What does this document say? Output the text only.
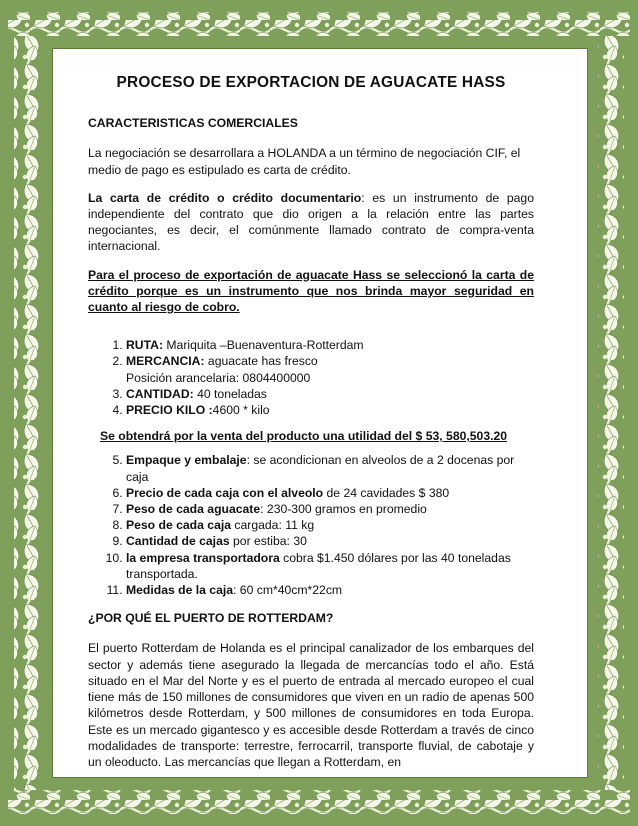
PROCESO DE EXPORTACION DE AGUACATE HASS
CARACTERISTICAS COMERCIALES

La negociación se desarrollara a HOLANDA a un término de negociación CIF, el medio de pago es estipulado es carta de crédito.

La carta de crédito o crédito documentario: es un instrumento de pago independiente del contrato que dio origen a la relación entre las partes negociantes, es decir, el comúnmente llamado contrato de compra-venta internacional.

Para el proceso de exportación de aguacate Hass se seleccionó la carta de crédito porque es un instrumento que nos brinda mayor seguridad en cuanto al riesgo de cobro.

1. RUTA: Mariquita –Buenaventura-Rotterdam
2. MERCANCIA: aguacate has fresco
Posición arancelaria: 0804400000
3. CANTIDAD: 40 toneladas
4. PRECIO KILO :4600 * kilo
Se obtendrá por la venta del producto una utilidad del $ 53, 580,503.20
5. Empaque y embalaje: se acondicionan en alveolos de a 2 docenas por caja
6. Precio de cada caja con el alveolo de 24 cavidades $ 380
7. Peso de cada aguacate: 230-300 gramos en promedio
8. Peso de cada caja cargada: 11 kg
9. Cantidad de cajas por estiba: 30
10. la empresa transportadora cobra $1.450 dólares por las 40 toneladas transportada.
11. Medidas de la caja: 60 cm*40cm*22cm
¿POR QUÉ EL PUERTO DE ROTTERDAM?

El puerto Rotterdam de Holanda es el principal canalizador de los embarques del sector y además tiene asegurado la llegada de mercancías todo el año. Está situado en el Mar del Norte y es el puerto de entrada al mercado europeo el cual tiene más de 150 millones de consumidores que viven en un radio de apenas 500 kilómetros desde Rotterdam, y 500 millones de consumidores en toda Europa. Este es un mercado gigantesco y es accesible desde Rotterdam a través de cinco modalidades de transporte: terrestre, ferrocarril, transporte fluvial, de cabotaje y un oleoducto. Las mercancías que llegan a Rotterdam, en
